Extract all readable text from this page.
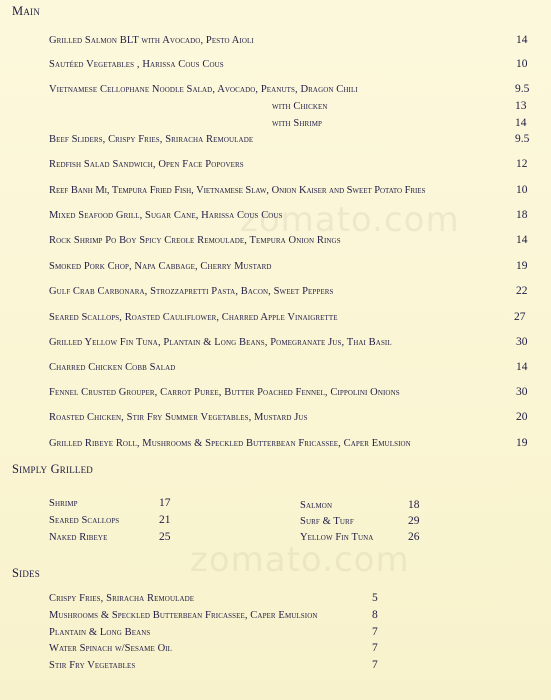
zomato.com
zomato.com
Main
Grilled Salmon BLT with Avocado, Pesto Aioli	14
Sautéed Vegetables , Harissa Cous Cous	10
Vietnamese Cellophane Noodle Salad, Avocado, Peanuts, Dragon Chili	9.5
with Chicken	13
with Shrimp	14
Beef Sliders, Crispy Fries, Sriracha Remoulade	9.5
Redfish Salad Sandwich, Open Face Popovers	12
Reef Banh Mi, Tempura Fried Fish, Vietnamese Slaw, Onion Kaiser and Sweet Potato Fries	10
Mixed Seafood Grill, Sugar Cane, Harissa Cous Cous	18
Rock Shrimp Po Boy Spicy Creole Remoulade, Tempura Onion Rings	14
Smoked Pork Chop, Napa Cabbage, Cherry Mustard	19
Gulf Crab Carbonara, Strozzapretti Pasta, Bacon, Sweet Peppers	22
Seared Scallops, Roasted Cauliflower, Charred Apple Vinaigrette	27
Grilled Yellow Fin Tuna, Plantain & Long Beans, Pomegranate Jus, Thai Basil	30
Charred Chicken Cobb Salad	14
Fennel Crusted Grouper, Carrot Puree, Butter Poached Fennel, Cippolini Onions	30
Roasted Chicken, Stir Fry Summer Vegetables, Mustard Jus	20
Grilled Ribeye Roll, Mushrooms & Speckled Butterbean Fricassee, Caper Emulsion	19
Simply Grilled
Shrimp	17
Seared Scallops	21
Naked Ribeye	25
Salmon	18
Surf & Turf	29
Yellow Fin Tuna	26
Sides
Crispy Fries, Sriracha Remoulade	5
Mushrooms & Speckled Butterbean Fricassee, Caper Emulsion	8
Plantain & Long Beans	7
Water Spinach w/Sesame Oil	7
Stir Fry Vegetables	7
